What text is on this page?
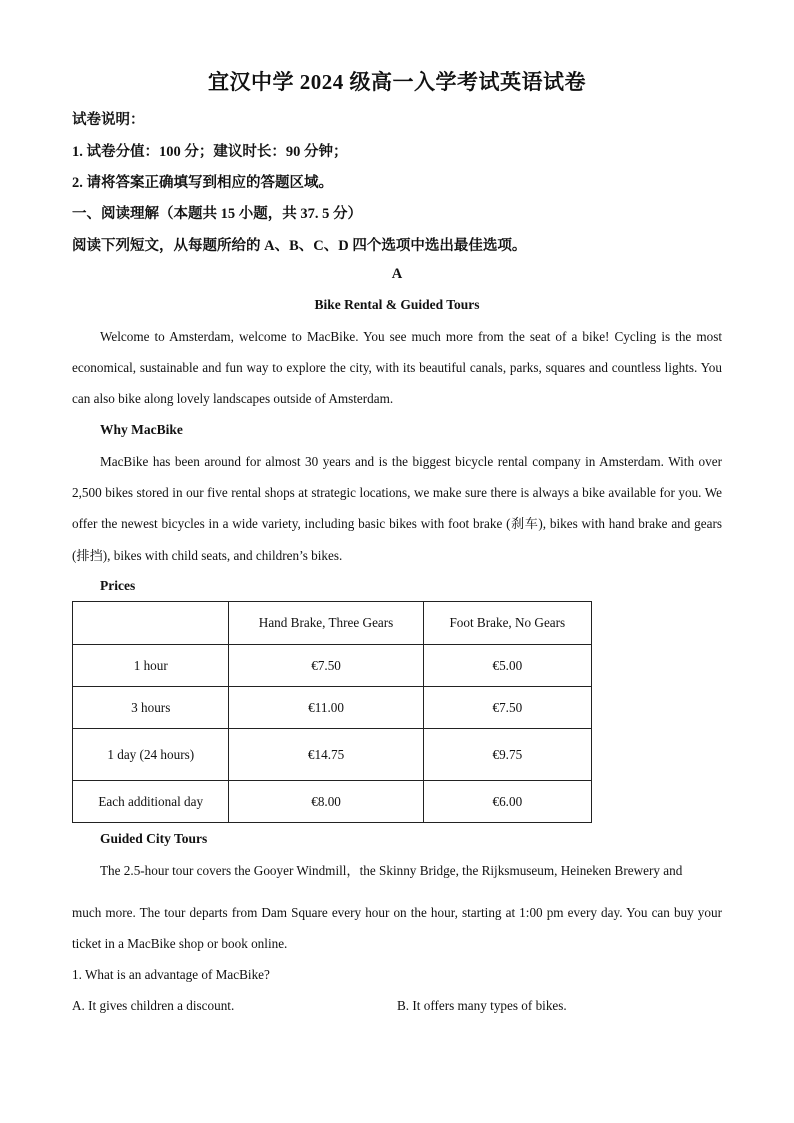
宜汉中学 2024 级高一入学考试英语试卷
试卷说明：
1. 试卷分值：100 分；建议时长：90 分钟；
2. 请将答案正确填写到相应的答题区域。
一、阅读理解（本题共 15 小题，共 37. 5 分）
阅读下列短文，从每题所给的 A、B、C、D 四个选项中选出最佳选项。
A
Bike Rental & Guided Tours
Welcome to Amsterdam, welcome to MacBike. You see much more from the seat of a bike! Cycling is the most economical, sustainable and fun way to explore the city, with its beautiful canals, parks, squares and countless lights. You can also bike along lovely landscapes outside of Amsterdam.
Why MacBike
MacBike has been around for almost 30 years and is the biggest bicycle rental company in Amsterdam. With over 2,500 bikes stored in our five rental shops at strategic locations, we make sure there is always a bike available for you. We offer the newest bicycles in a wide variety, including basic bikes with foot brake (刹车), bikes with hand brake and gears (排挡), bikes with child seats, and children’s bikes.
Prices
	Hand Brake, Three Gears	Foot Brake, No Gears
1 hour	€7.50	€5.00
3 hours	€11.00	€7.50
1 day (24 hours)	€14.75	€9.75
Each additional day	€8.00	€6.00
Guided City Tours
The 2.5-hour tour covers the Gooyer Windmill，the Skinny Bridge, the Rijksmuseum, Heineken Brewery and
much more. The tour departs from Dam Square every hour on the hour, starting at 1:00 pm every day. You can buy your ticket in a MacBike shop or book online.
1. What is an advantage of MacBike?
A. It gives children a discount.	B. It offers many types of bikes.
